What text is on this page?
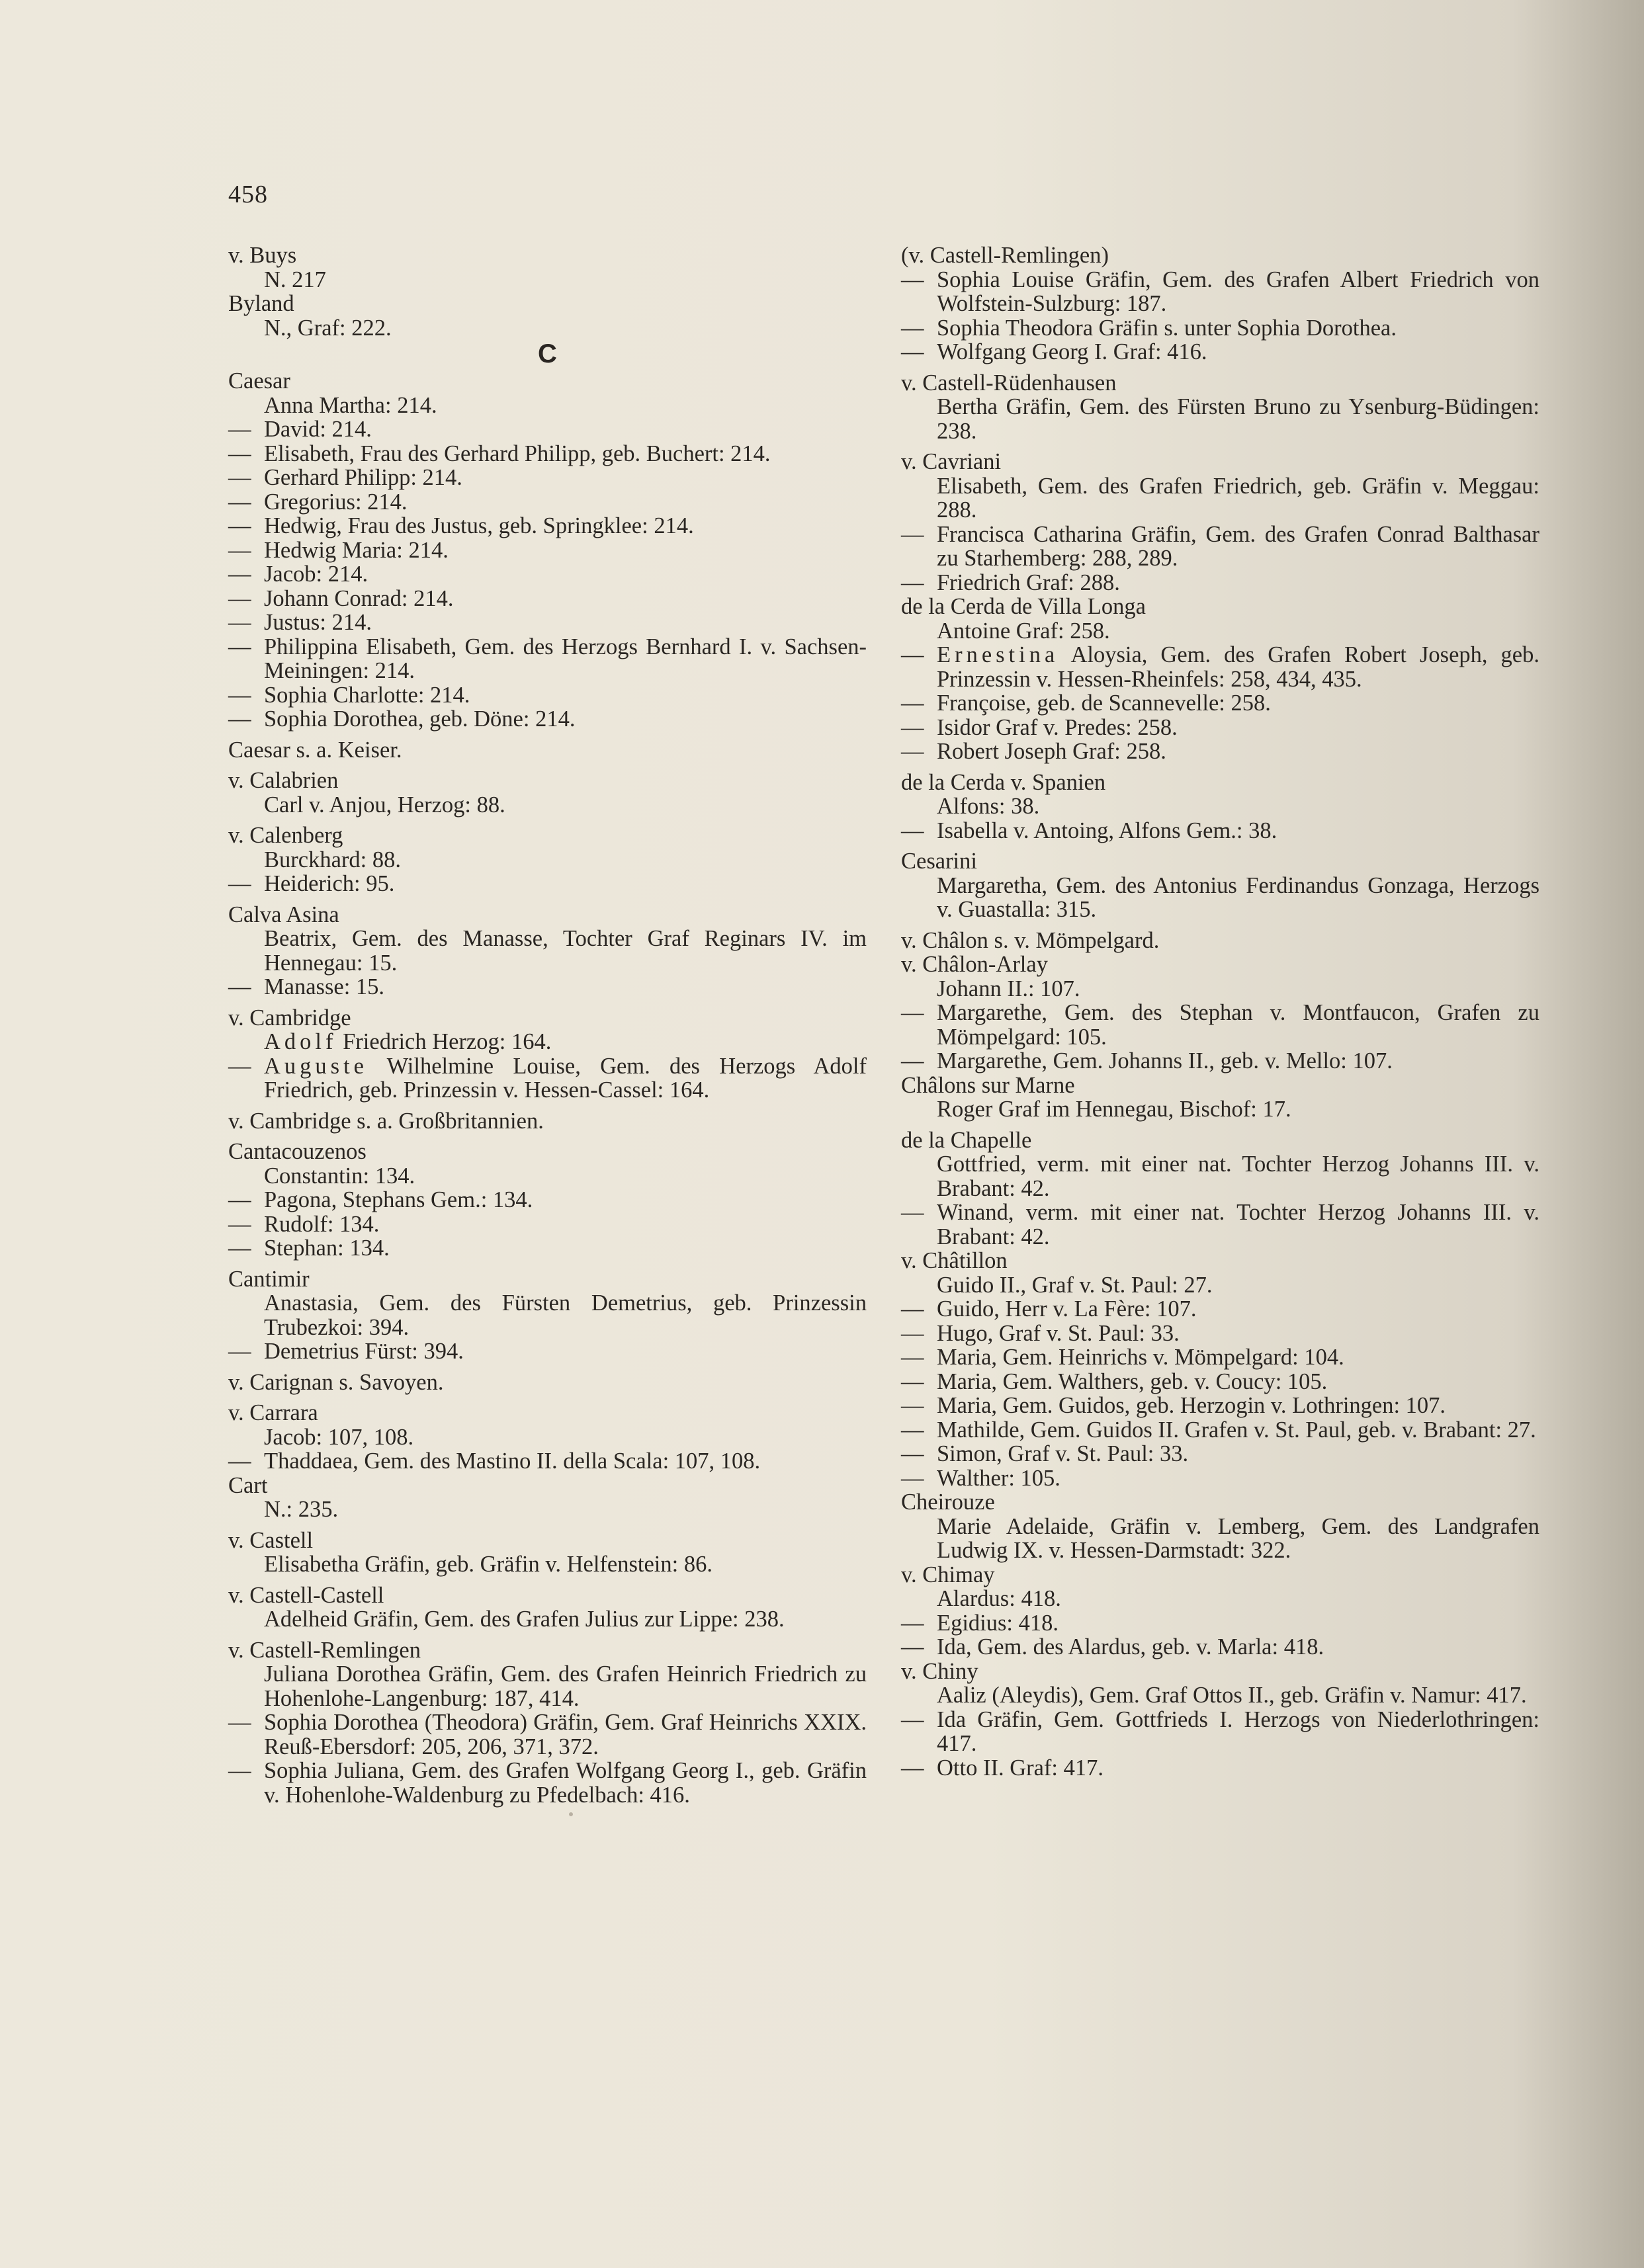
458
v. Buys
N. 217
Byland
N., Graf: 222.
C
Caesar
Anna Martha: 214.
— David: 214.
— Elisabeth, Frau des Gerhard Philipp, geb. Buchert: 214.
— Gerhard Philipp: 214.
— Gregorius: 214.
— Hedwig, Frau des Justus, geb. Springklee: 214.
— Hedwig Maria: 214.
— Jacob: 214.
— Johann Conrad: 214.
— Justus: 214.
— Philippina Elisabeth, Gem. des Herzogs Bernhard I. v. Sachsen-Meiningen: 214.
— Sophia Charlotte: 214.
— Sophia Dorothea, geb. Döne: 214.
Caesar s. a. Keiser.
v. Calabrien
Carl v. Anjou, Herzog: 88.
v. Calenberg
Burckhard: 88.
— Heiderich: 95.
Calva Asina
Beatrix, Gem. des Manasse, Tochter Graf Reginars IV. im Hennegau: 15.
— Manasse: 15.
v. Cambridge
Adolf Friedrich Herzog: 164.
— Auguste Wilhelmine Louise, Gem. des Herzogs Adolf Friedrich, geb. Prinzessin v. Hessen-Cassel: 164.
v. Cambridge s. a. Großbritannien.
Cantacouzenos
Constantin: 134.
— Pagona, Stephans Gem.: 134.
— Rudolf: 134.
— Stephan: 134.
Cantimir
Anastasia, Gem. des Fürsten Demetrius, geb. Prinzessin Trubezkoi: 394.
— Demetrius Fürst: 394.
v. Carignan s. Savoyen.
v. Carrara
Jacob: 107, 108.
— Thaddaea, Gem. des Mastino II. della Scala: 107, 108.
Cart
N.: 235.
v. Castell
Elisabetha Gräfin, geb. Gräfin v. Helfenstein: 86.
v. Castell-Castell
Adelheid Gräfin, Gem. des Grafen Julius zur Lippe: 238.
v. Castell-Remlingen
Juliana Dorothea Gräfin, Gem. des Grafen Heinrich Friedrich zu Hohenlohe-Langenburg: 187, 414.
— Sophia Dorothea (Theodora) Gräfin, Gem. Graf Heinrichs XXIX. Reuß-Ebersdorf: 205, 206, 371, 372.
— Sophia Juliana, Gem. des Grafen Wolfgang Georg I., geb. Gräfin v. Hohenlohe-Waldenburg zu Pfedelbach: 416.
(v. Castell-Remlingen)
— Sophia Louise Gräfin, Gem. des Grafen Albert Friedrich von Wolfstein-Sulzburg: 187.
— Sophia Theodora Gräfin s. unter Sophia Dorothea.
— Wolfgang Georg I. Graf: 416.
v. Castell-Rüdenhausen
Bertha Gräfin, Gem. des Fürsten Bruno zu Ysenburg-Büdingen: 238.
v. Cavriani
Elisabeth, Gem. des Grafen Friedrich, geb. Gräfin v. Meggau: 288.
— Francisca Catharina Gräfin, Gem. des Grafen Conrad Balthasar zu Starhemberg: 288, 289.
— Friedrich Graf: 288.
de la Cerda de Villa Longa
Antoine Graf: 258.
— Ernestina Aloysia, Gem. des Grafen Robert Joseph, geb. Prinzessin v. Hessen-Rheinfels: 258, 434, 435.
— Françoise, geb. de Scannevelle: 258.
— Isidor Graf v. Predes: 258.
— Robert Joseph Graf: 258.
de la Cerda v. Spanien
Alfons: 38.
— Isabella v. Antoing, Alfons Gem.: 38.
Cesarini
Margaretha, Gem. des Antonius Ferdinandus Gonzaga, Herzogs v. Guastalla: 315.
v. Châlon s. v. Mömpelgard.
v. Châlon-Arlay
Johann II.: 107.
— Margarethe, Gem. des Stephan v. Montfaucon, Grafen zu Mömpelgard: 105.
— Margarethe, Gem. Johanns II., geb. v. Mello: 107.
Châlons sur Marne
Roger Graf im Hennegau, Bischof: 17.
de la Chapelle
Gottfried, verm. mit einer nat. Tochter Herzog Johanns III. v. Brabant: 42.
— Winand, verm. mit einer nat. Tochter Herzog Johanns III. v. Brabant: 42.
v. Châtillon
Guido II., Graf v. St. Paul: 27.
— Guido, Herr v. La Fère: 107.
— Hugo, Graf v. St. Paul: 33.
— Maria, Gem. Heinrichs v. Mömpelgard: 104.
— Maria, Gem. Walthers, geb. v. Coucy: 105.
— Maria, Gem. Guidos, geb. Herzogin v. Lothringen: 107.
— Mathilde, Gem. Guidos II. Grafen v. St. Paul, geb. v. Brabant: 27.
— Simon, Graf v. St. Paul: 33.
— Walther: 105.
Cheirouze
Marie Adelaide, Gräfin v. Lemberg, Gem. des Landgrafen Ludwig IX. v. Hessen-Darmstadt: 322.
v. Chimay
Alardus: 418.
— Egidius: 418.
— Ida, Gem. des Alardus, geb. v. Marla: 418.
v. Chiny
Aaliz (Aleydis), Gem. Graf Ottos II., geb. Gräfin v. Namur: 417.
— Ida Gräfin, Gem. Gottfrieds I. Herzogs von Niederlothringen: 417.
— Otto II. Graf: 417.
